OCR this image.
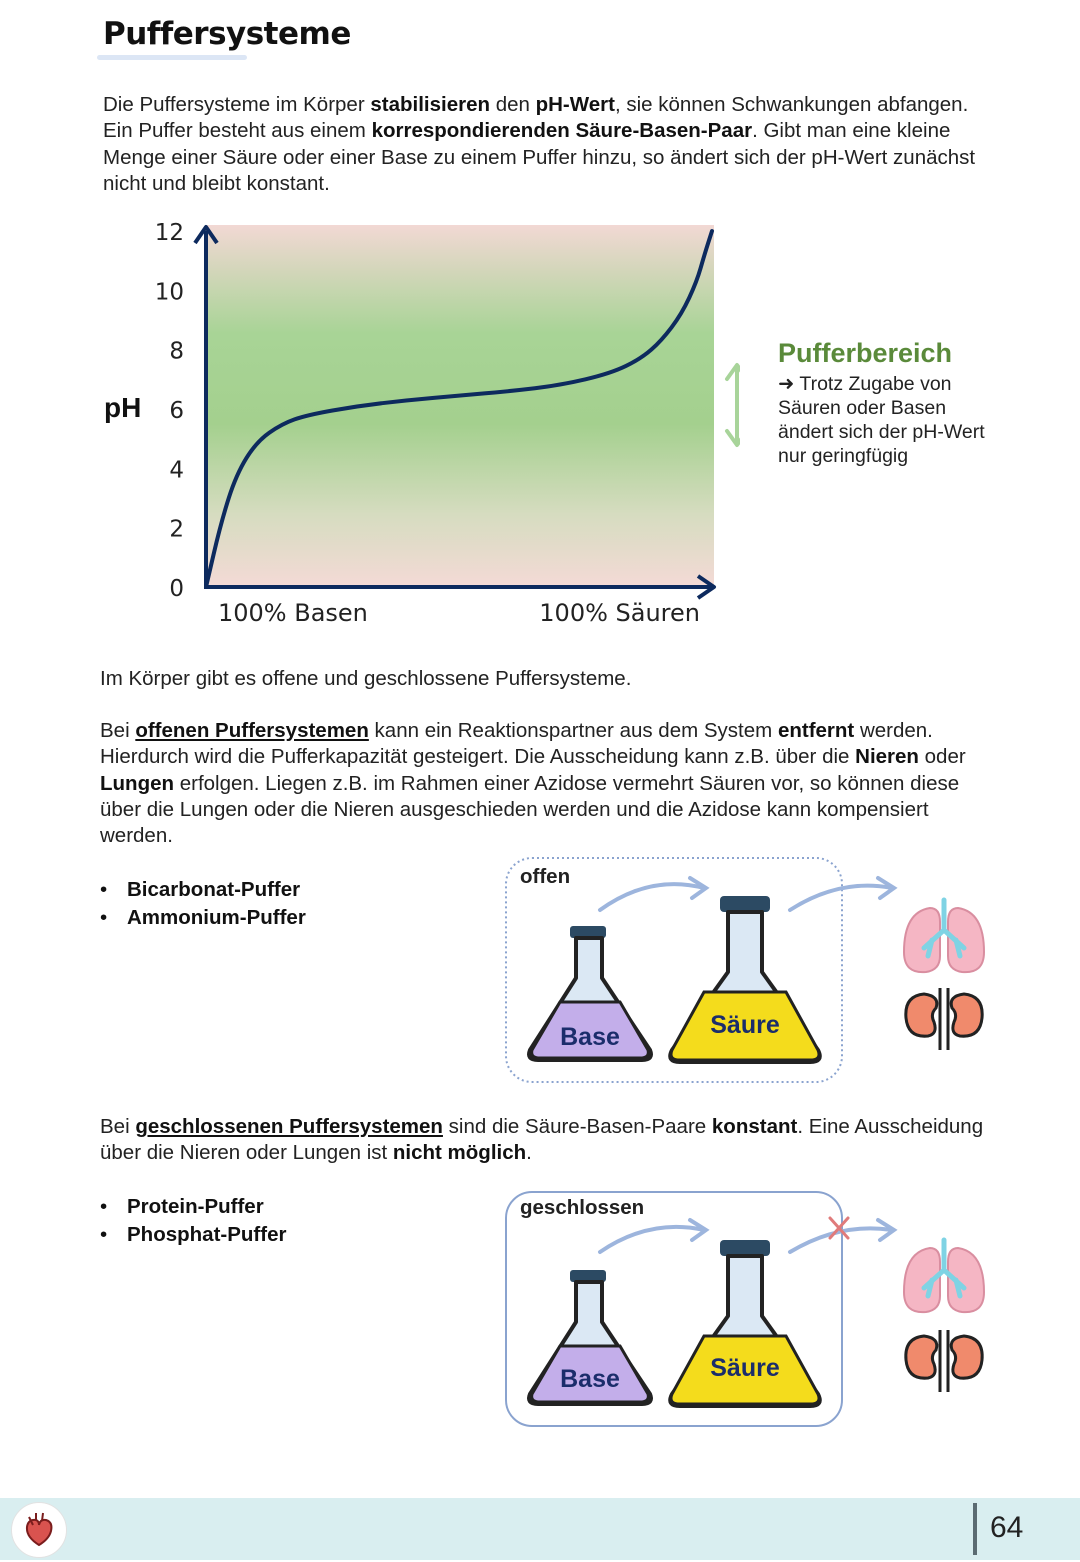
Puffersysteme

Die Puffersysteme im Körper stabilisieren den pH-Wert, sie können Schwankungen abfangen. Ein Puffer besteht aus einem korrespondierenden Säure-Basen-Paar. Gibt man eine kleine Menge einer Säure oder einer Base zu einem Puffer hinzu, so ändert sich der pH-Wert zunächst nicht und bleibt konstant.

12
10
8
6
4
2
0
pH
100% Basen	100% Säuren
Pufferbereich
➜ Trotz Zugabe von Säuren oder Basen ändert sich der pH-Wert nur geringfügig

Im Körper gibt es offene und geschlossene Puffersysteme.

Bei offenen Puffersystemen kann ein Reaktionspartner aus dem System entfernt werden. Hierdurch wird die Pufferkapazität gesteigert. Die Ausscheidung kann z.B. über die Nieren oder Lungen erfolgen. Liegen z.B. im Rahmen einer Azidose vermehrt Säuren vor, so können diese über die Lungen oder die Nieren ausgeschieden werden und die Azidose kann kompensiert werden.

• Bicarbonat-Puffer
• Ammonium-Puffer
Base	Säure
offen

Bei geschlossenen Puffersystemen sind die Säure-Basen-Paare konstant. Eine Ausscheidung über die Nieren oder Lungen ist nicht möglich.

• Protein-Puffer
• Phosphat-Puffer
Base	Säure
geschlossen
64
